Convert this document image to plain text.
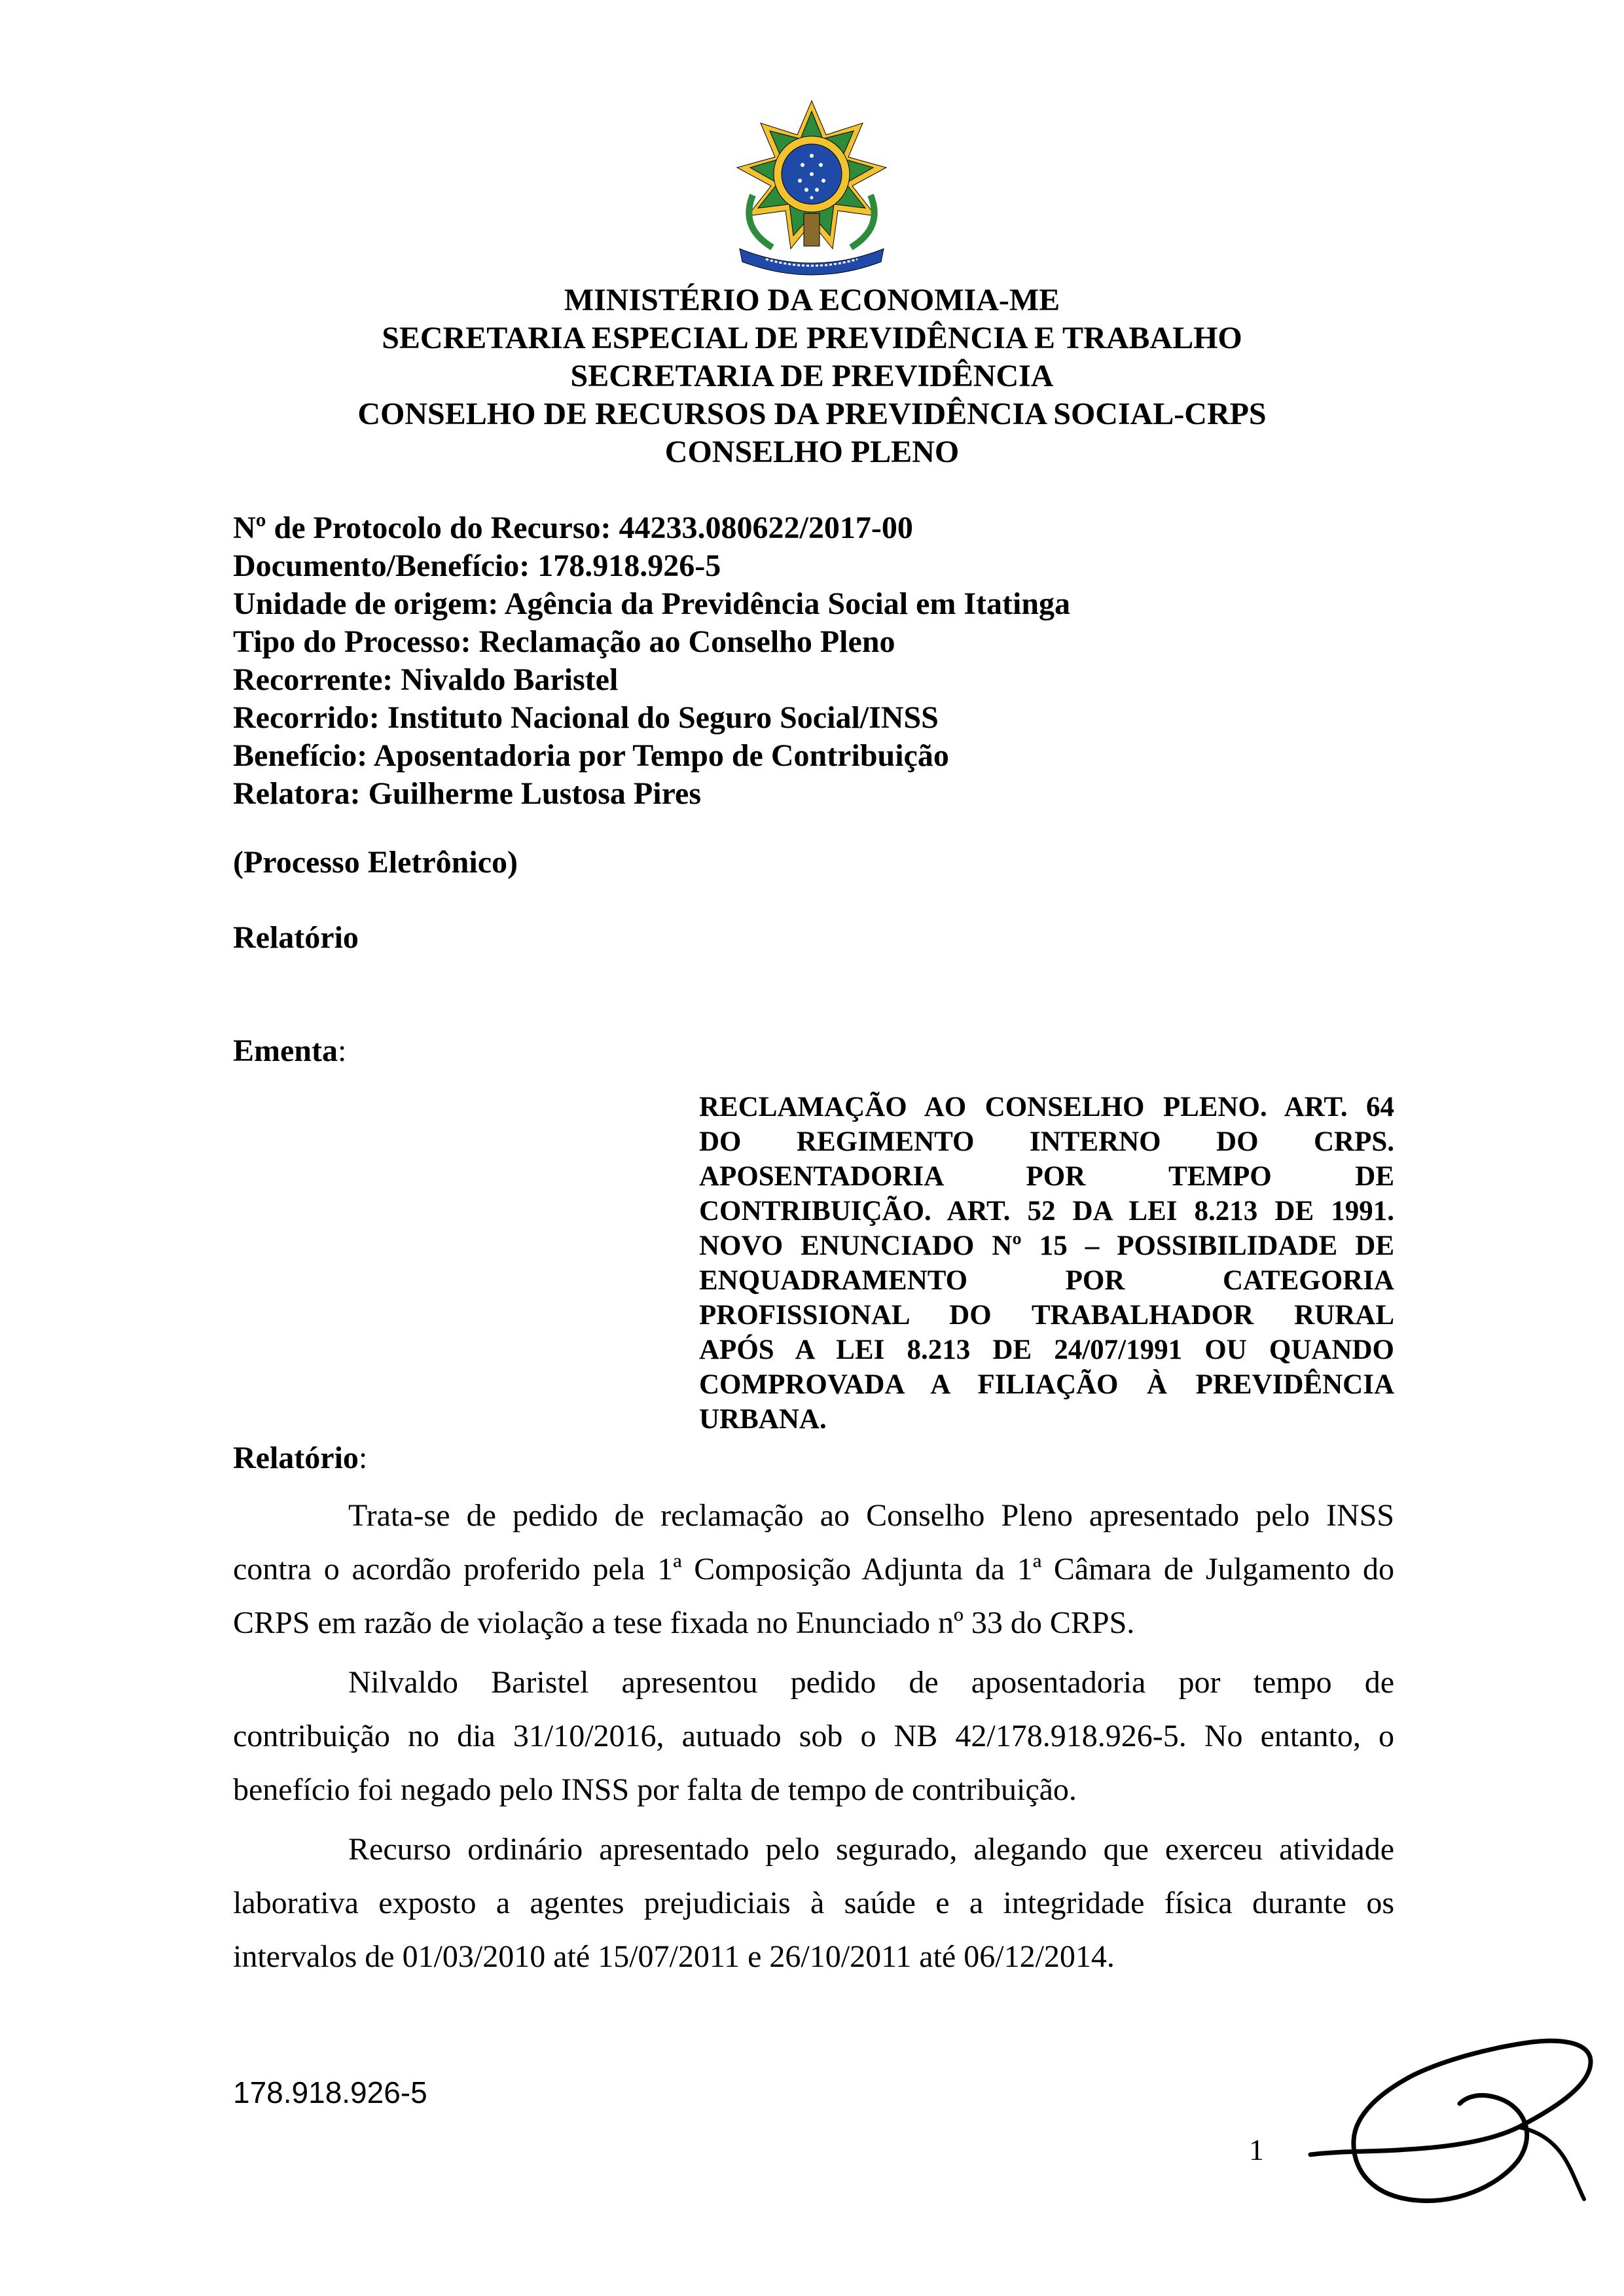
MINISTÉRIO DA ECONOMIA-ME
SECRETARIA ESPECIAL DE PREVIDÊNCIA E TRABALHO
SECRETARIA DE PREVIDÊNCIA
CONSELHO DE RECURSOS DA PREVIDÊNCIA SOCIAL-CRPS
CONSELHO PLENO
Nº de Protocolo do Recurso: 44233.080622/2017-00
Documento/Benefício: 178.918.926-5
Unidade de origem: Agência da Previdência Social em Itatinga
Tipo do Processo: Reclamação ao Conselho Pleno
Recorrente: Nivaldo Baristel
Recorrido: Instituto Nacional do Seguro Social/INSS
Benefício: Aposentadoria por Tempo de Contribuição
Relatora: Guilherme Lustosa Pires
(Processo Eletrônico)
Relatório
Ementa:
RECLAMAÇÃO AO CONSELHO PLENO. ART. 64
DO REGIMENTO INTERNO DO CRPS.
APOSENTADORIA POR TEMPO DE
CONTRIBUIÇÃO. ART. 52 DA LEI 8.213 DE 1991.
NOVO ENUNCIADO Nº 15 – POSSIBILIDADE DE
ENQUADRAMENTO POR CATEGORIA
PROFISSIONAL DO TRABALHADOR RURAL
APÓS A LEI 8.213 DE 24/07/1991 OU QUANDO
COMPROVADA A FILIAÇÃO À PREVIDÊNCIA
URBANA.
Relatório:
Trata-se de pedido de reclamação ao Conselho Pleno apresentado pelo INSS
contra o acordão proferido pela 1ª Composição Adjunta da 1ª Câmara de Julgamento do
CRPS em razão de violação a tese fixada no Enunciado nº 33 do CRPS.
Nilvaldo Baristel apresentou pedido de aposentadoria por tempo de
contribuição no dia 31/10/2016, autuado sob o NB 42/178.918.926-5. No entanto, o
benefício foi negado pelo INSS por falta de tempo de contribuição.
Recurso ordinário apresentado pelo segurado, alegando que exerceu atividade
laborativa exposto a agentes prejudiciais à saúde e a integridade física durante os
intervalos de 01/03/2010 até 15/07/2011 e 26/10/2011 até 06/12/2014.
178.918.926-5
1
